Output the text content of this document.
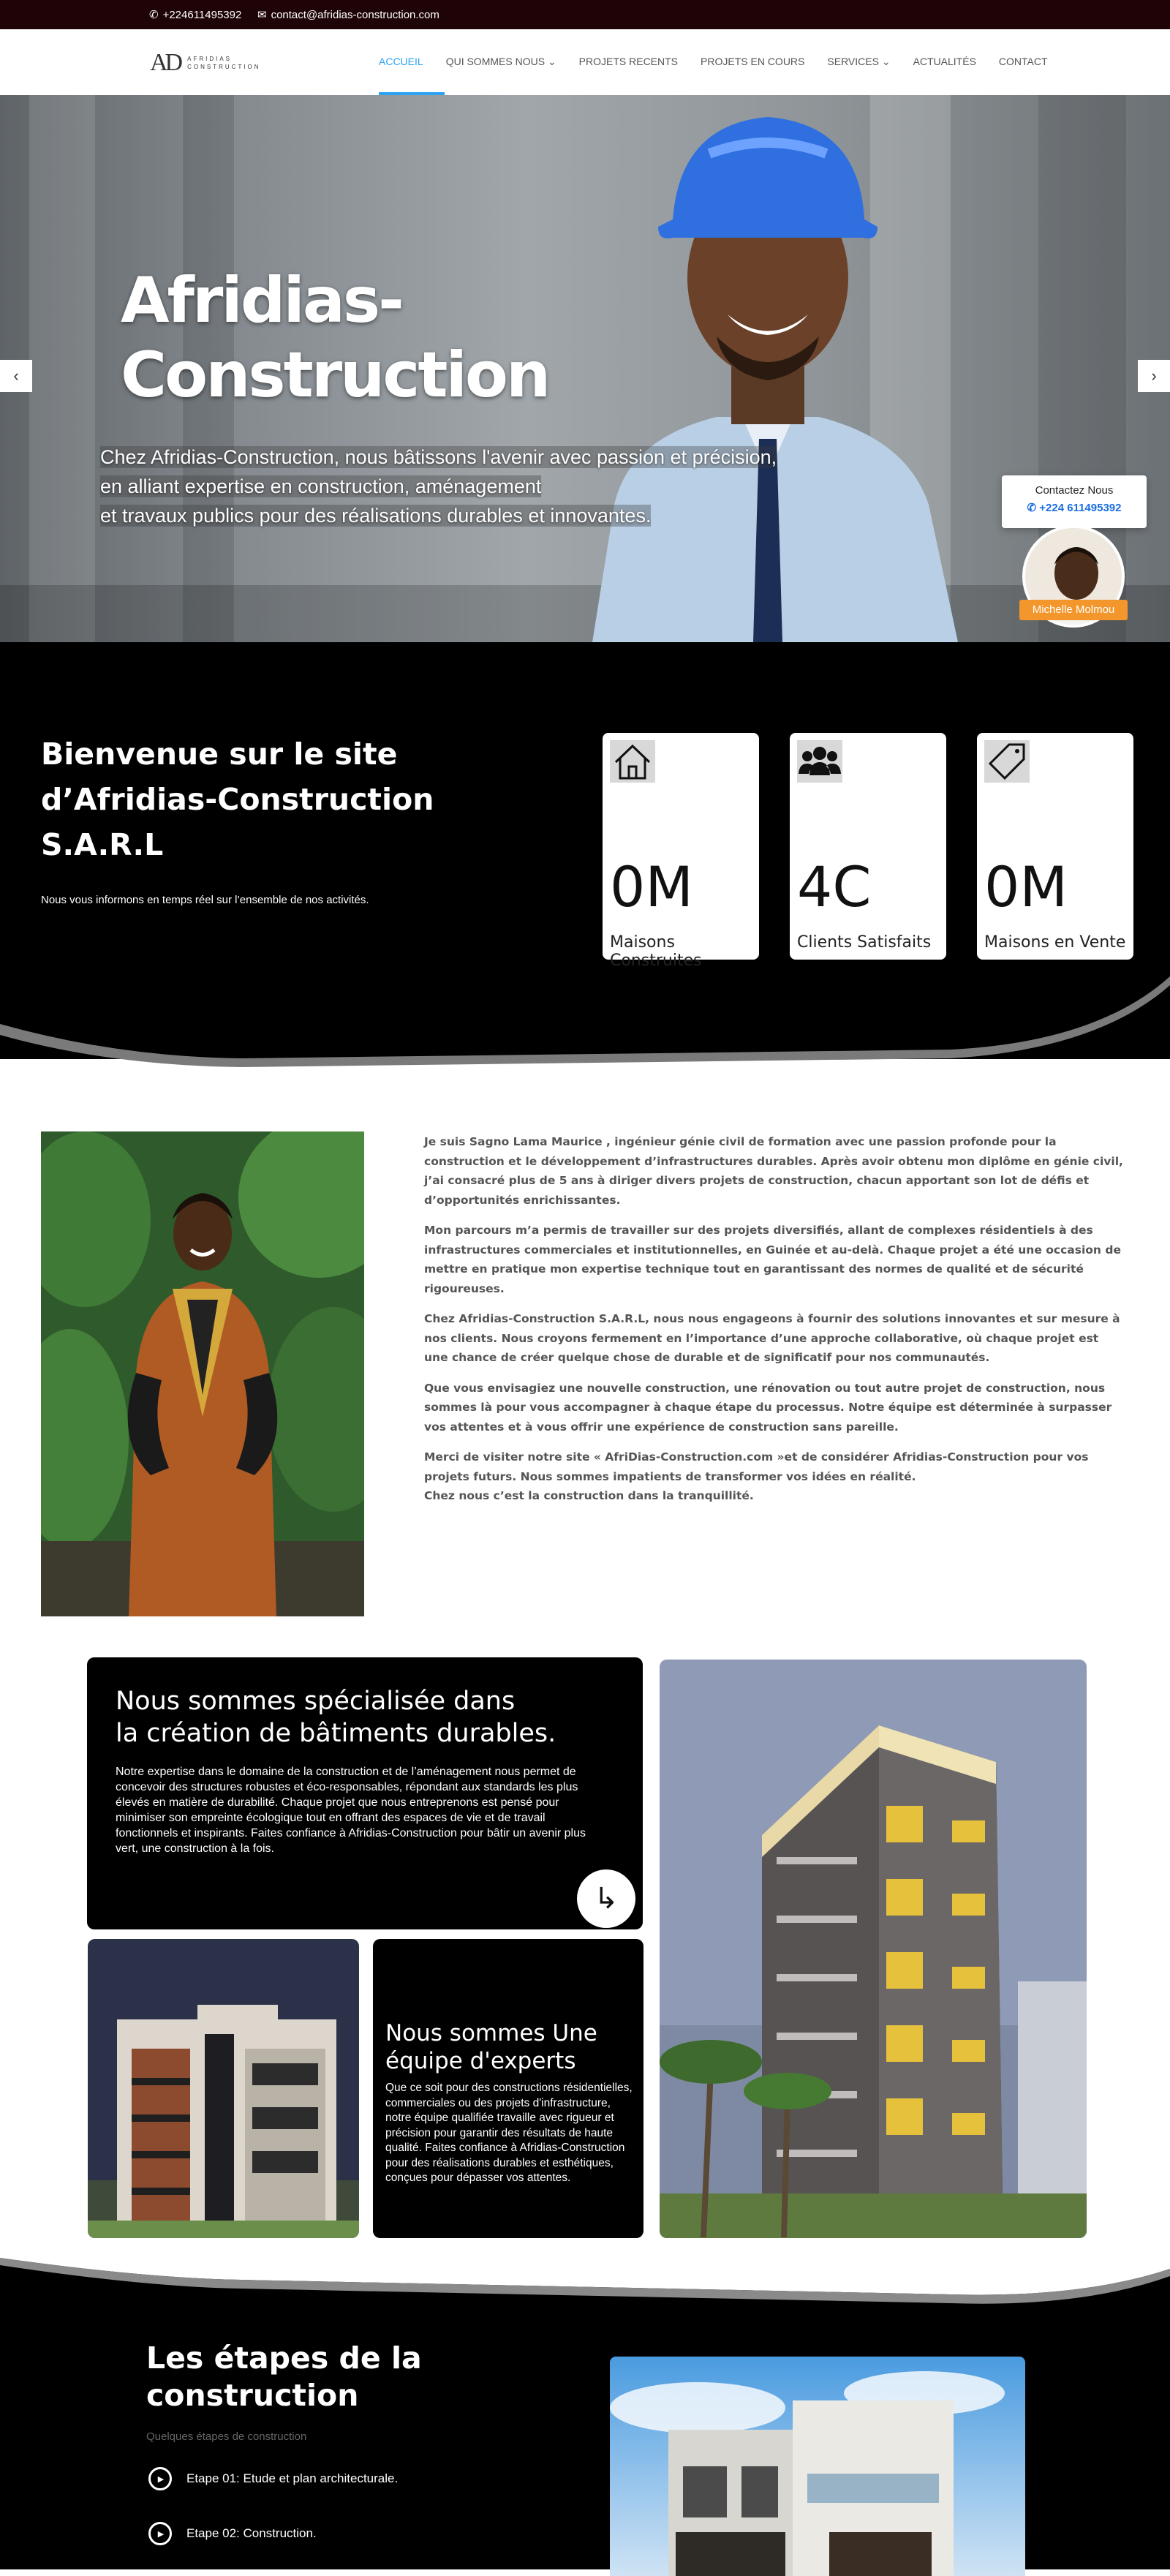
✆ +224611495392 ✉ contact@afridias-construction.com
AD AFRIDIAS
CONSTRUCTION	ACCUEIL QUI SOMMES NOUS ⌄ PROJETS RECENTS PROJETS EN COURS SERVICES ⌄ ACTUALITÉS CONTACT
Afridias-
Construction
Chez Afridias-Construction, nous bâtissons l'avenir avec passion et précision,
en alliant expertise en construction, aménagement
et travaux publics pour des réalisations durables et innovantes.
‹	›
Contactez Nous
✆ +224 611495392
Michelle Molmou
Bienvenue sur le site
d’Afridias-Construction
S.A.R.L
Nous vous informons en temps réel sur l’ensemble de nos activités.	0M
Maisons Construites
4C
Clients Satisfaits
0M
Maisons en Vente

Je suis Sagno Lama Maurice , ingénieur génie civil de formation avec une passion profonde pour la construction et le développement d’infrastructures durables. Après avoir obtenu mon diplôme en génie civil, j’ai consacré plus de 5 ans à diriger divers projets de construction, chacun apportant son lot de défis et d’opportunités enrichissantes.

Mon parcours m’a permis de travailler sur des projets diversifiés, allant de complexes résidentiels à des infrastructures commerciales et institutionnelles, en Guinée et au-delà. Chaque projet a été une occasion de mettre en pratique mon expertise technique tout en garantissant des normes de qualité et de sécurité rigoureuses.

Chez Afridias-Construction S.A.R.L, nous nous engageons à fournir des solutions innovantes et sur mesure à nos clients. Nous croyons fermement en l’importance d’une approche collaborative, où chaque projet est une chance de créer quelque chose de durable et de significatif pour nos communautés.

Que vous envisagiez une nouvelle construction, une rénovation ou tout autre projet de construction, nous sommes là pour vous accompagner à chaque étape du processus. Notre équipe est déterminée à surpasser vos attentes et à vous offrir une expérience de construction sans pareille.

Merci de visiter notre site « AfriDias-Construction.com »et de considérer Afridias-Construction pour vos projets futurs. Nous sommes impatients de transformer vos idées en réalité.
Chez nous c’est la construction dans la tranquillité.

Nous sommes spécialisée dans
la création de bâtiments durables.

Notre expertise dans le domaine de la construction et de l’aménagement nous permet de concevoir des structures robustes et éco-responsables, répondant aux standards les plus élevés en matière de durabilité. Chaque projet que nous entreprenons est pensé pour minimiser son empreinte écologique tout en offrant des espaces de vie et de travail fonctionnels et inspirants. Faites confiance à Afridias-Construction pour bâtir un avenir plus vert, une construction à la fois.

↳
Nous sommes Une
équipe d'experts

Que ce soit pour des constructions résidentielles, commerciales ou des projets d'infrastructure, notre équipe qualifiée travaille avec rigueur et précision pour garantir des résultats de haute qualité. Faites confiance à Afridias-Construction pour des réalisations durables et esthétiques, conçues pour dépasser vos attentes.

Les étapes de la
construction
Quelques étapes de construction
▶	Etape 01: Etude et plan architecturale.
▶	Etape 02: Construction.
